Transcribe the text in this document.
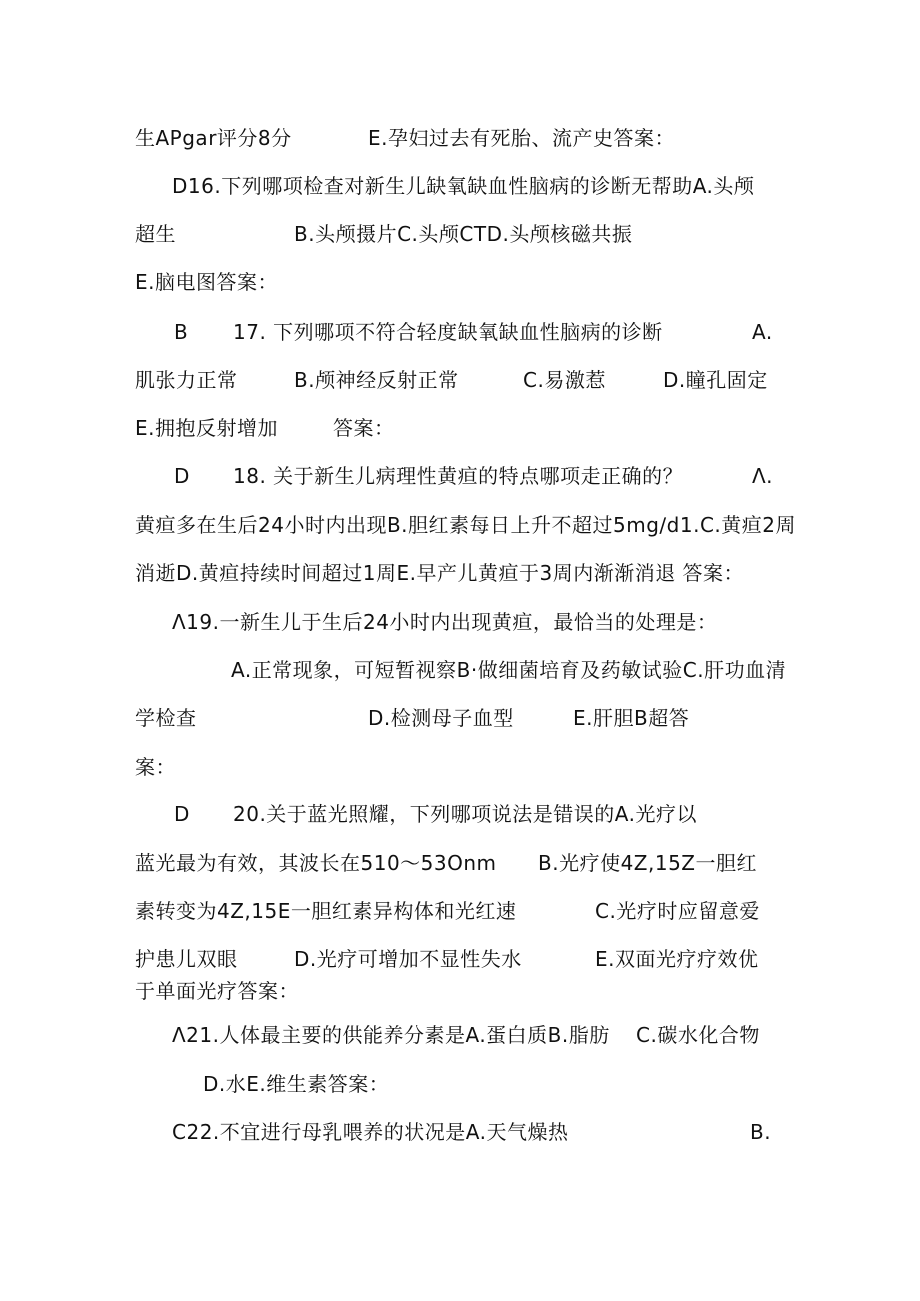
生APgar评分8分	E.孕妇过去有死胎、流产史答案：
D16.下列哪项检查对新生儿缺氧缺血性脑病的诊断无帮助A.头颅
超生	B.头颅摄片C.头颅CTD.头颅核磁共振
E.脑电图答案：
B 17. 下列哪项不符合轻度缺氧缺血性脑病的诊断	A.
肌张力正常	B.颅神经反射正常	C.易激惹	D.瞳孔固定
E.拥抱反射增加	答案：
D 18. 关于新生儿病理性黄疸的特点哪项走正确的？	Λ.
黄疸多在生后24小时内出现B.胆红素每日上升不超过5mg∕d1.C.黄疸2周
消逝D.黄疸持续时间超过1周E.早产儿黄疸于3周内渐渐消退 答案：
Λ19.一新生儿于生后24小时内出现黄疸，最恰当的处理是：
A.正常现象，可短暂视察B·做细菌培育及药敏试验C.肝功血清
学检查	D.检测母子血型	E.肝胆B超答
案：
D 20.关于蓝光照耀，下列哪项说法是错误的A.光疗以
蓝光最为有效，其波长在510〜53Onm B.光疗使4Z,15Z一胆红
素转变为4Z,15E一胆红素异构体和光红速	C.光疗时应留意爱
护患儿双眼	D.光疗可增加不显性失水	E.双面光疗疗效优
于单面光疗答案：
Λ21.人体最主要的供能养分素是A.蛋白质B.脂肪 C.碳水化合物
D.水E.维生素答案：
C22.不宜进行母乳喂养的状况是A.天气燥热	B.
